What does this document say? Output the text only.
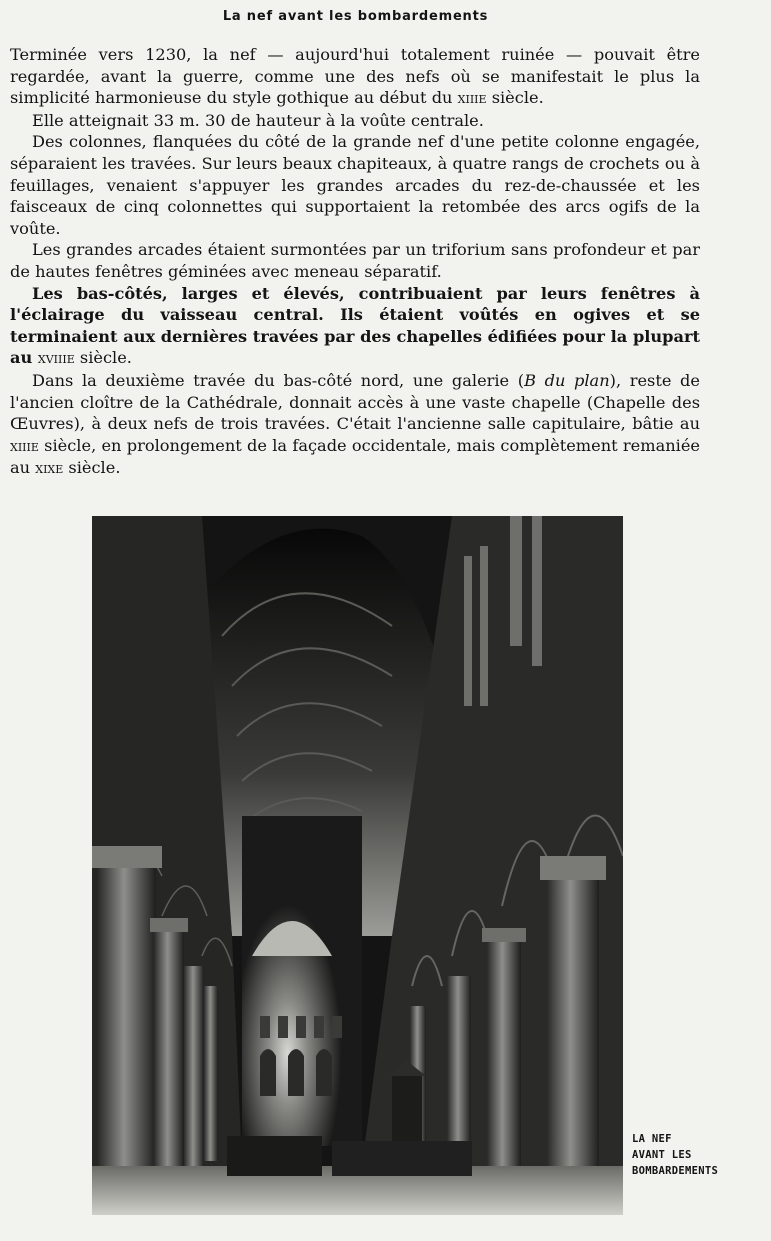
La nef avant les bombardements

Terminée vers 1230, la nef — aujourd'hui totalement ruinée — pouvait être regardée, avant la guerre, comme une des nefs où se manifestait le plus la simplicité harmonieuse du style gothique au début du xiiie siècle.

Elle atteignait 33 m. 30 de hauteur à la voûte centrale.

Des colonnes, flanquées du côté de la grande nef d'une petite colonne engagée, séparaient les travées. Sur leurs beaux chapiteaux, à quatre rangs de crochets ou à feuillages, venaient s'appuyer les grandes arcades du rez-de-chaussée et les faisceaux de cinq colonnettes qui supportaient la retombée des arcs ogifs de la voûte.

Les grandes arcades étaient surmontées par un triforium sans profondeur et par de hautes fenêtres géminées avec meneau séparatif.

Les bas-côtés, larges et élevés, contribuaient par leurs fenêtres à l'éclairage du vaisseau central. Ils étaient voûtés en ogives et se terminaient aux dernières travées par des chapelles édifiées pour la plupart au xviiie siècle.

Dans la deuxième travée du bas-côté nord, une galerie (B du plan), reste de l'ancien cloître de la Cathédrale, donnait accès à une vaste chapelle (Chapelle des Œuvres), à deux nefs de trois travées. C'était l'ancienne salle capitulaire, bâtie au xiiie siècle, en prolongement de la façade occidentale, mais complètement remaniée au xixe siècle.

LA NEF
AVANT LES
BOMBARDEMENTS
